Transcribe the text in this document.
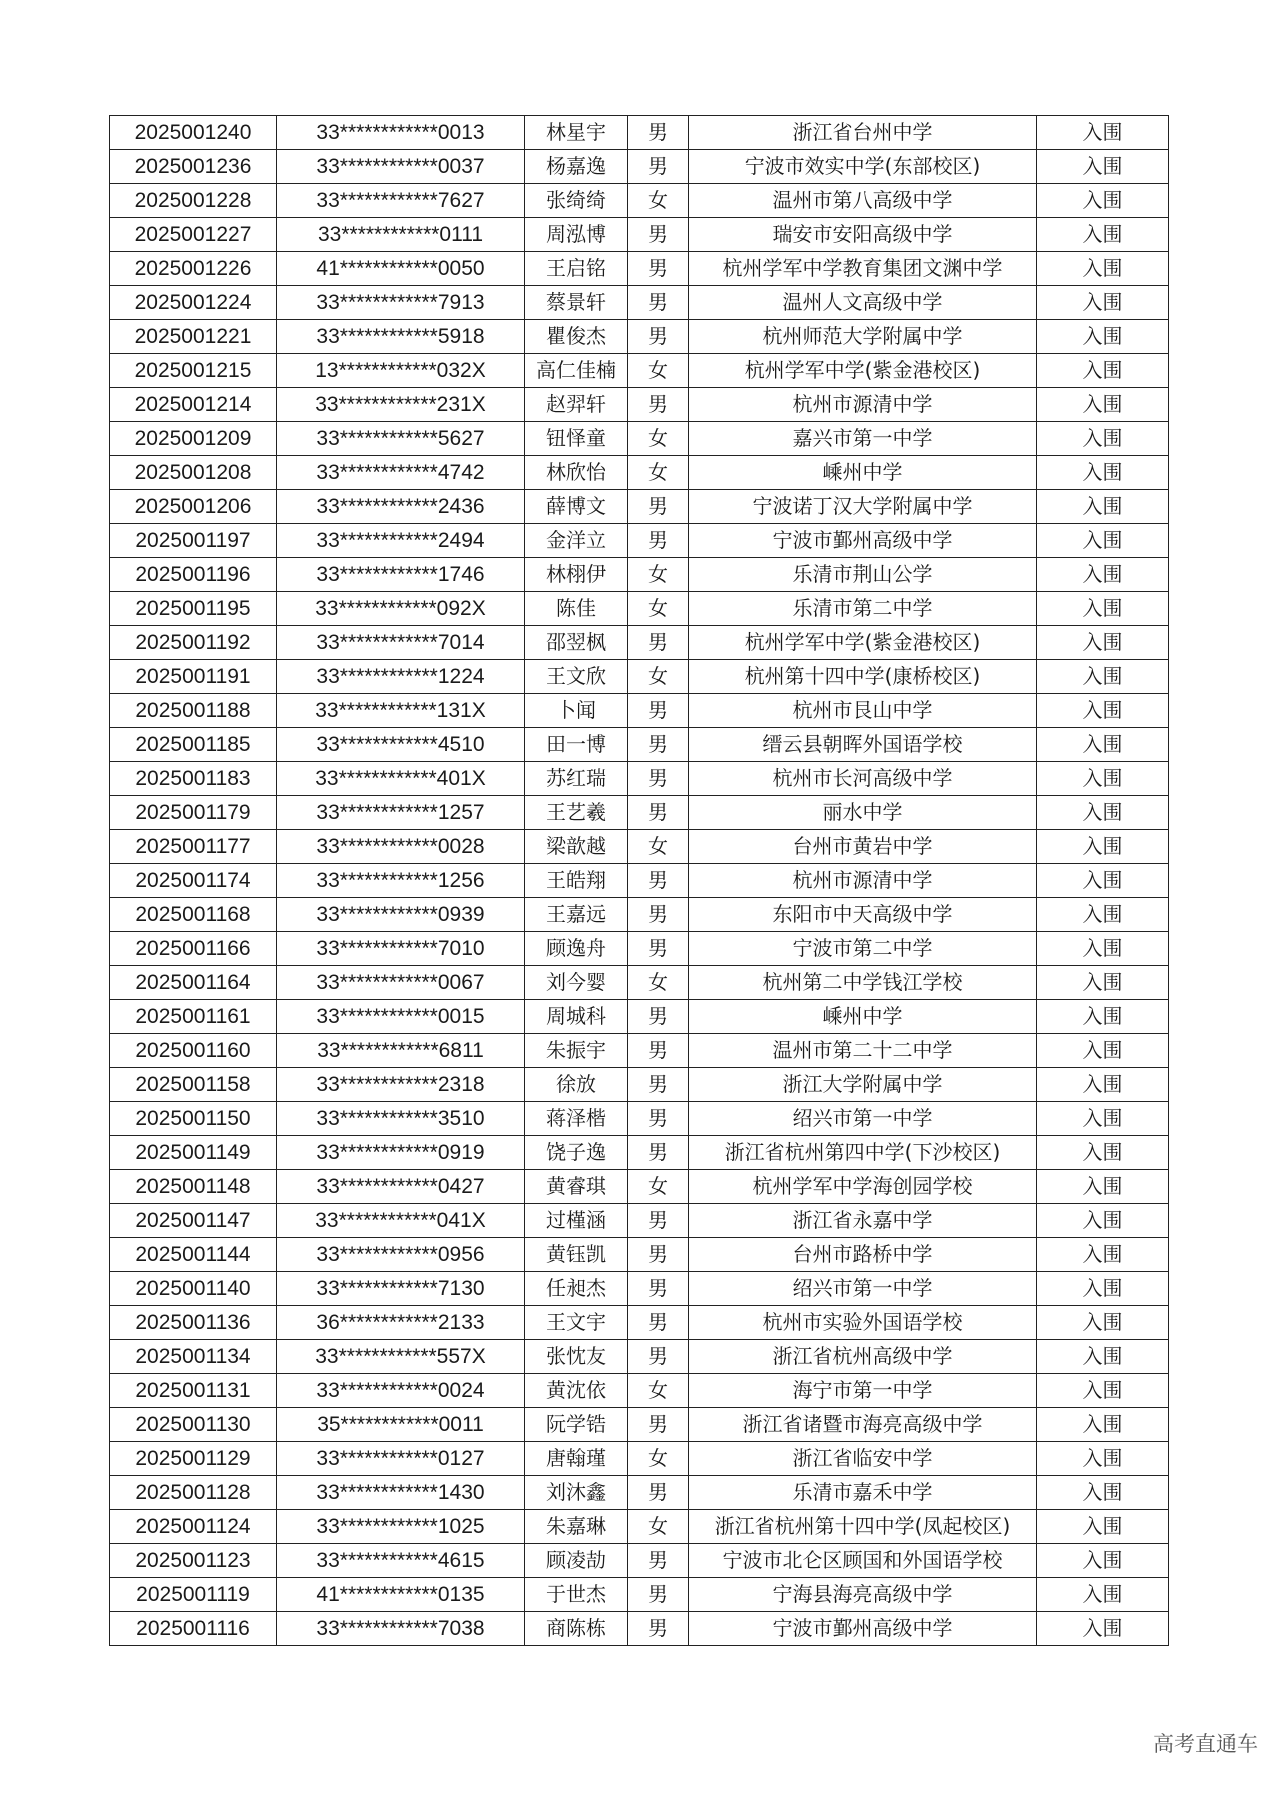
2025001240	33************0013	林星宇	男	浙江省台州中学	入围
2025001236	33************0037	杨嘉逸	男	宁波市效实中学(东部校区)	入围
2025001228	33************7627	张绮绮	女	温州市第八高级中学	入围
2025001227	33************0111	周泓博	男	瑞安市安阳高级中学	入围
2025001226	41************0050	王启铭	男	杭州学军中学教育集团文渊中学	入围
2025001224	33************7913	蔡景轩	男	温州人文高级中学	入围
2025001221	33************5918	瞿俊杰	男	杭州师范大学附属中学	入围
2025001215	13************032X	高仁佳楠	女	杭州学军中学(紫金港校区)	入围
2025001214	33************231X	赵羿轩	男	杭州市源清中学	入围
2025001209	33************5627	钮怿童	女	嘉兴市第一中学	入围
2025001208	33************4742	林欣怡	女	嵊州中学	入围
2025001206	33************2436	薛博文	男	宁波诺丁汉大学附属中学	入围
2025001197	33************2494	金洋立	男	宁波市鄞州高级中学	入围
2025001196	33************1746	林栩伊	女	乐清市荆山公学	入围
2025001195	33************092X	陈佳	女	乐清市第二中学	入围
2025001192	33************7014	邵翌枫	男	杭州学军中学(紫金港校区)	入围
2025001191	33************1224	王文欣	女	杭州第十四中学(康桥校区)	入围
2025001188	33************131X	卜闻	男	杭州市艮山中学	入围
2025001185	33************4510	田一博	男	缙云县朝晖外国语学校	入围
2025001183	33************401X	苏红瑞	男	杭州市长河高级中学	入围
2025001179	33************1257	王艺羲	男	丽水中学	入围
2025001177	33************0028	梁歆越	女	台州市黄岩中学	入围
2025001174	33************1256	王皓翔	男	杭州市源清中学	入围
2025001168	33************0939	王嘉远	男	东阳市中天高级中学	入围
2025001166	33************7010	顾逸舟	男	宁波市第二中学	入围
2025001164	33************0067	刘今婴	女	杭州第二中学钱江学校	入围
2025001161	33************0015	周城科	男	嵊州中学	入围
2025001160	33************6811	朱振宇	男	温州市第二十二中学	入围
2025001158	33************2318	徐放	男	浙江大学附属中学	入围
2025001150	33************3510	蒋泽楷	男	绍兴市第一中学	入围
2025001149	33************0919	饶子逸	男	浙江省杭州第四中学(下沙校区)	入围
2025001148	33************0427	黄睿琪	女	杭州学军中学海创园学校	入围
2025001147	33************041X	过槿涵	男	浙江省永嘉中学	入围
2025001144	33************0956	黄钰凯	男	台州市路桥中学	入围
2025001140	33************7130	任昶杰	男	绍兴市第一中学	入围
2025001136	36************2133	王文宇	男	杭州市实验外国语学校	入围
2025001134	33************557X	张忱友	男	浙江省杭州高级中学	入围
2025001131	33************0024	黄沈依	女	海宁市第一中学	入围
2025001130	35************0011	阮学锆	男	浙江省诸暨市海亮高级中学	入围
2025001129	33************0127	唐翰瑾	女	浙江省临安中学	入围
2025001128	33************1430	刘沐鑫	男	乐清市嘉禾中学	入围
2025001124	33************1025	朱嘉琳	女	浙江省杭州第十四中学(凤起校区)	入围
2025001123	33************4615	顾凌劼	男	宁波市北仑区顾国和外国语学校	入围
2025001119	41************0135	于世杰	男	宁海县海亮高级中学	入围
2025001116	33************7038	商陈栋	男	宁波市鄞州高级中学	入围
高考直通车
